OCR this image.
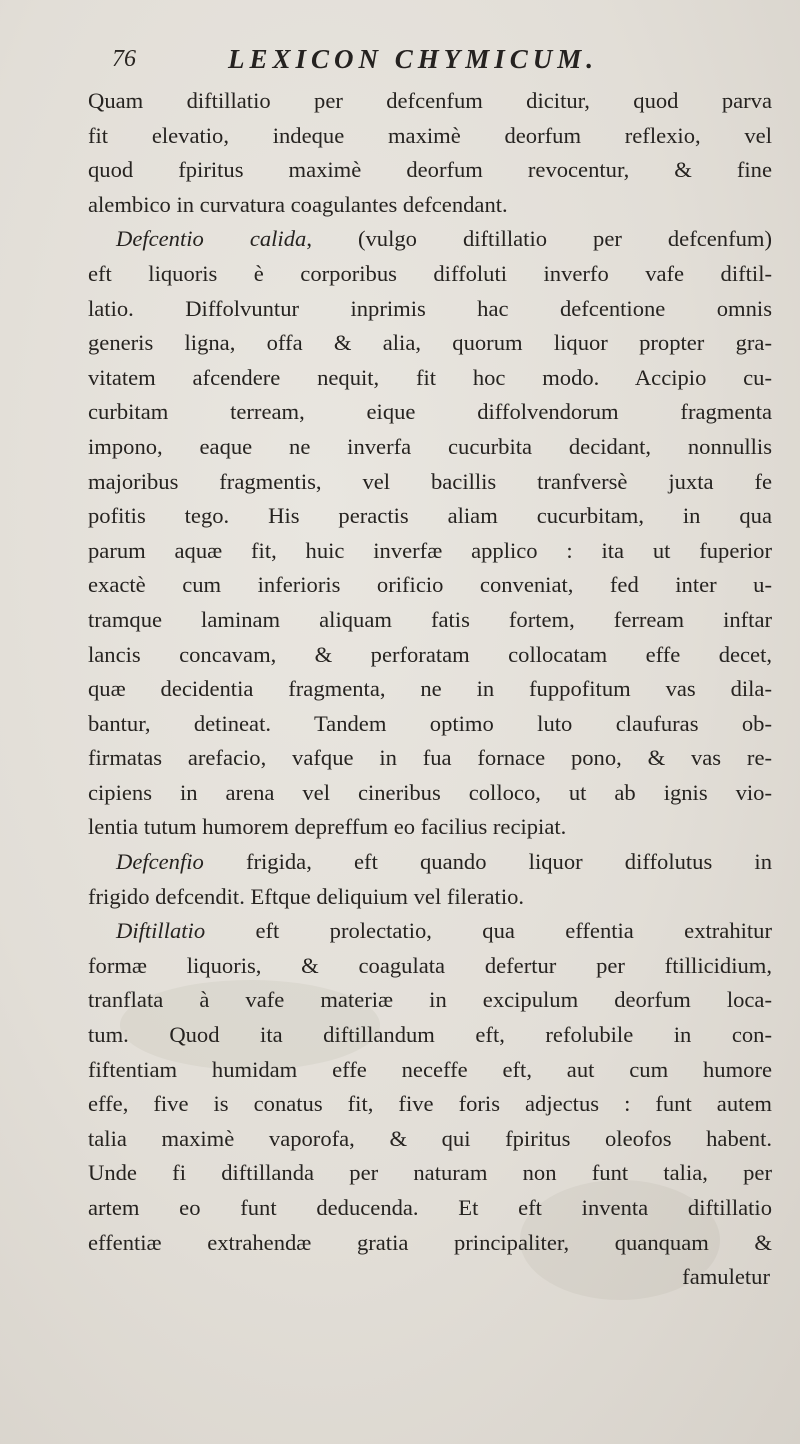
76	LEXICON CHYMICUM.
Quam diftillatio per defcenfum dicitur, quod parva
fit elevatio, indeque maximè deorfum reflexio, vel
quod fpiritus maximè deorfum revocentur, & fine
alembico in curvatura coagulantes defcendant.
Defcentio calida, (vulgo diftillatio per defcenfum)
eft liquoris è corporibus diffoluti inverfo vafe diftil-
latio. Diffolvuntur inprimis hac defcentione omnis
generis ligna, offa & alia, quorum liquor propter gra-
vitatem afcendere nequit, fit hoc modo. Accipio cu-
curbitam terream, eique diffolvendorum fragmenta
impono, eaque ne inverfa cucurbita decidant, nonnullis
majoribus fragmentis, vel bacillis tranfversè juxta fe
pofitis tego. His peractis aliam cucurbitam, in qua
parum aquæ fit, huic inverfæ applico : ita ut fuperior
exactè cum inferioris orificio conveniat, fed inter u-
tramque laminam aliquam fatis fortem, ferream inftar
lancis concavam, & perforatam collocatam effe decet,
quæ decidentia fragmenta, ne in fuppofitum vas dila-
bantur, detineat. Tandem optimo luto claufuras ob-
firmatas arefacio, vafque in fua fornace pono, & vas re-
cipiens in arena vel cineribus colloco, ut ab ignis vio-
lentia tutum humorem depreffum eo facilius recipiat.
Defcenfio frigida, eft quando liquor diffolutus in
frigido defcendit. Eftque deliquium vel fileratio.
Diftillatio eft prolectatio, qua effentia extrahitur
formæ liquoris, & coagulata defertur per ftillicidium,
tranflata à vafe materiæ in excipulum deorfum loca-
tum. Quod ita diftillandum eft, refolubile in con-
fiftentiam humidam effe neceffe eft, aut cum humore
effe, five is conatus fit, five foris adjectus : funt autem
talia maximè vaporofa, & qui fpiritus oleofos habent.
Unde fi diftillanda per naturam non funt talia, per
artem eo funt deducenda. Et eft inventa diftillatio
effentiæ extrahendæ gratia principaliter, quanquam &
famuletur
